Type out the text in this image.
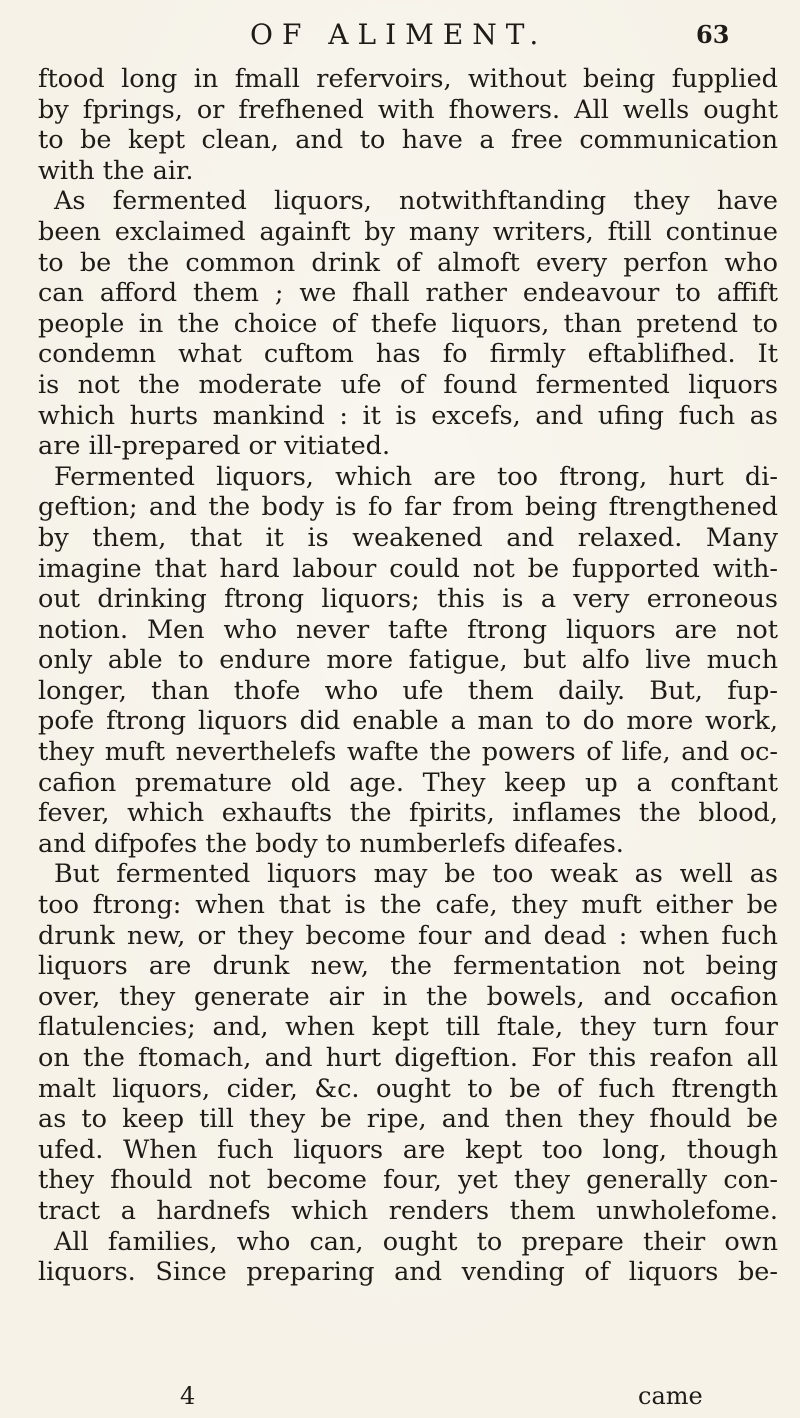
OF ALIMENT.	63
ftood long in fmall refervoirs, without being fupplied
by fprings, or frefhened with fhowers. All wells ought
to be kept clean, and to have a free communication
with the air.
As fermented liquors, notwithftanding they have
been exclaimed againft by many writers, ftill continue
to be the common drink of almoft every perfon who
can afford them ; we fhall rather endeavour to affift
people in the choice of thefe liquors, than pretend to
condemn what cuftom has fo firmly eftablifhed. It
is not the moderate ufe of found fermented liquors
which hurts mankind : it is excefs, and ufing fuch as
are ill-prepared or vitiated.
Fermented liquors, which are too ftrong, hurt di-
geftion; and the body is fo far from being ftrengthened
by them, that it is weakened and relaxed. Many
imagine that hard labour could not be fupported with-
out drinking ftrong liquors; this is a very erroneous
notion. Men who never tafte ftrong liquors are not
only able to endure more fatigue, but alfo live much
longer, than thofe who ufe them daily. But, fup-
pofe ftrong liquors did enable a man to do more work,
they muft neverthelefs wafte the powers of life, and oc-
cafion premature old age. They keep up a conftant
fever, which exhaufts the fpirits, inflames the blood,
and difpofes the body to numberlefs difeafes.
But fermented liquors may be too weak as well as
too ftrong: when that is the cafe, they muft either be
drunk new, or they become four and dead : when fuch
liquors are drunk new, the fermentation not being
over, they generate air in the bowels, and occafion
flatulencies; and, when kept till ftale, they turn four
on the ftomach, and hurt digeftion. For this reafon all
malt liquors, cider, &c. ought to be of fuch ftrength
as to keep till they be ripe, and then they fhould be
ufed. When fuch liquors are kept too long, though
they fhould not become four, yet they generally con-
tract a hardnefs which renders them unwholefome.
All families, who can, ought to prepare their own
liquors. Since preparing and vending of liquors be-
4	came
